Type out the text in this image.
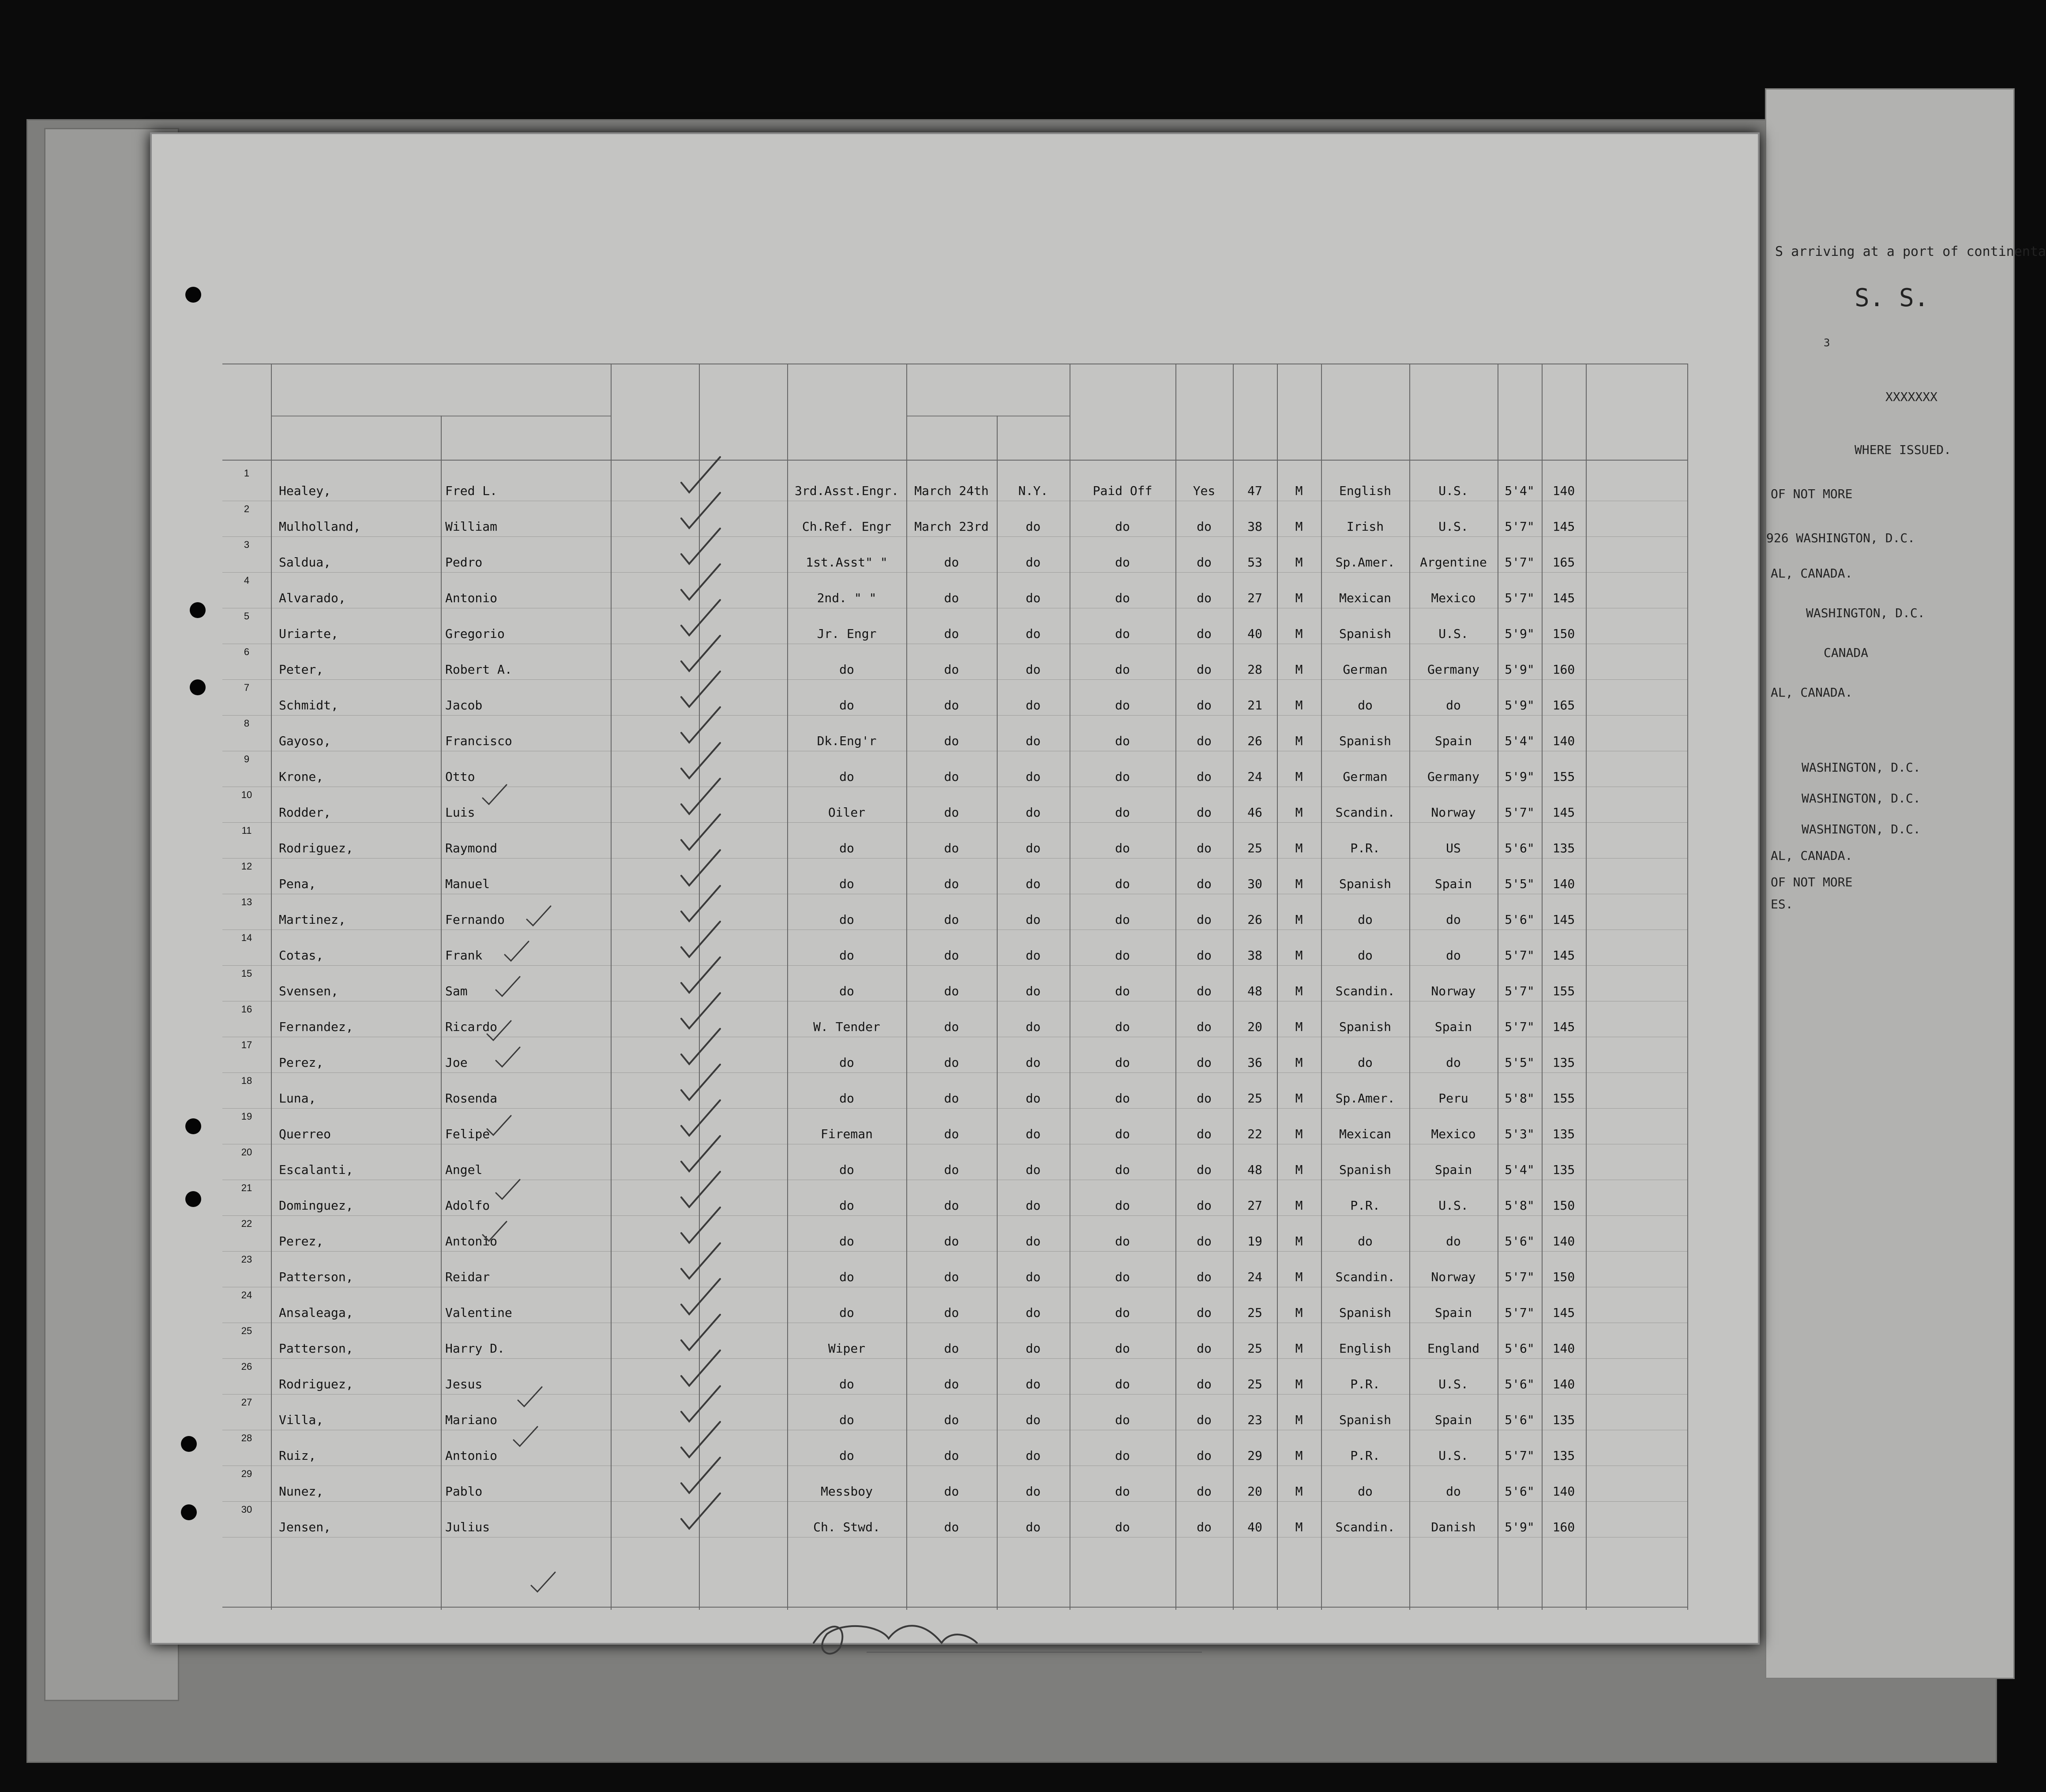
S arriving at a port of continenta
S. S.
3
XXXXXXX
WHERE ISSUED.
OF NOT MORE
926 WASHINGTON, D.C.
AL, CANADA.
WASHINGTON, D.C.
CANADA
AL, CANADA.
WASHINGTON, D.C.
WASHINGTON, D.C.
WASHINGTON, D.C.
AL, CANADA.
OF NOT MORE
ES.
1
Healey,	Fred L.	3rd.Asst.Engr.	March 24th	N.Y.	Paid Off	Yes	47	M	English	U.S.	5'4"	140
2
Mulholland,	William	Ch.Ref. Engr	March 23rd	do	do	do	38	M	Irish	U.S.	5'7"	145
3
Saldua,	Pedro	1st.Asst" "	do	do	do	do	53	M	Sp.Amer.	Argentine	5'7"	165
4
Alvarado,	Antonio	2nd. " "	do	do	do	do	27	M	Mexican	Mexico	5'7"	145
5
Uriarte,	Gregorio	Jr. Engr	do	do	do	do	40	M	Spanish	U.S.	5'9"	150
6
Peter,	Robert A.	do	do	do	do	do	28	M	German	Germany	5'9"	160
7
Schmidt,	Jacob	do	do	do	do	do	21	M	do	do	5'9"	165
8
Gayoso,	Francisco	Dk.Eng'r	do	do	do	do	26	M	Spanish	Spain	5'4"	140
9
Krone,	Otto	do	do	do	do	do	24	M	German	Germany	5'9"	155
10
Rodder,	Luis	Oiler	do	do	do	do	46	M	Scandin.	Norway	5'7"	145
11
Rodriguez,	Raymond	do	do	do	do	do	25	M	P.R.	US	5'6"	135
12
Pena,	Manuel	do	do	do	do	do	30	M	Spanish	Spain	5'5"	140
13
Martinez,	Fernando	do	do	do	do	do	26	M	do	do	5'6"	145
14
Cotas,	Frank	do	do	do	do	do	38	M	do	do	5'7"	145
15
Svensen,	Sam	do	do	do	do	do	48	M	Scandin.	Norway	5'7"	155
16
Fernandez,	Ricardo	W. Tender	do	do	do	do	20	M	Spanish	Spain	5'7"	145
17
Perez,	Joe	do	do	do	do	do	36	M	do	do	5'5"	135
18
Luna,	Rosenda	do	do	do	do	do	25	M	Sp.Amer.	Peru	5'8"	155
19
Querreo	Felipe	Fireman	do	do	do	do	22	M	Mexican	Mexico	5'3"	135
20
Escalanti,	Angel	do	do	do	do	do	48	M	Spanish	Spain	5'4"	135
21
Dominguez,	Adolfo	do	do	do	do	do	27	M	P.R.	U.S.	5'8"	150
22
Perez,	Antonio	do	do	do	do	do	19	M	do	do	5'6"	140
23
Patterson,	Reidar	do	do	do	do	do	24	M	Scandin.	Norway	5'7"	150
24
Ansaleaga,	Valentine	do	do	do	do	do	25	M	Spanish	Spain	5'7"	145
25
Patterson,	Harry D.	Wiper	do	do	do	do	25	M	English	England	5'6"	140
26
Rodriguez,	Jesus	do	do	do	do	do	25	M	P.R.	U.S.	5'6"	140
27
Villa,	Mariano	do	do	do	do	do	23	M	Spanish	Spain	5'6"	135
28
Ruiz,	Antonio	do	do	do	do	do	29	M	P.R.	U.S.	5'7"	135
29
Nunez,	Pablo	Messboy	do	do	do	do	20	M	do	do	5'6"	140
30
Jensen,	Julius	Ch. Stwd.	do	do	do	do	40	M	Scandin.	Danish	5'9"	160
